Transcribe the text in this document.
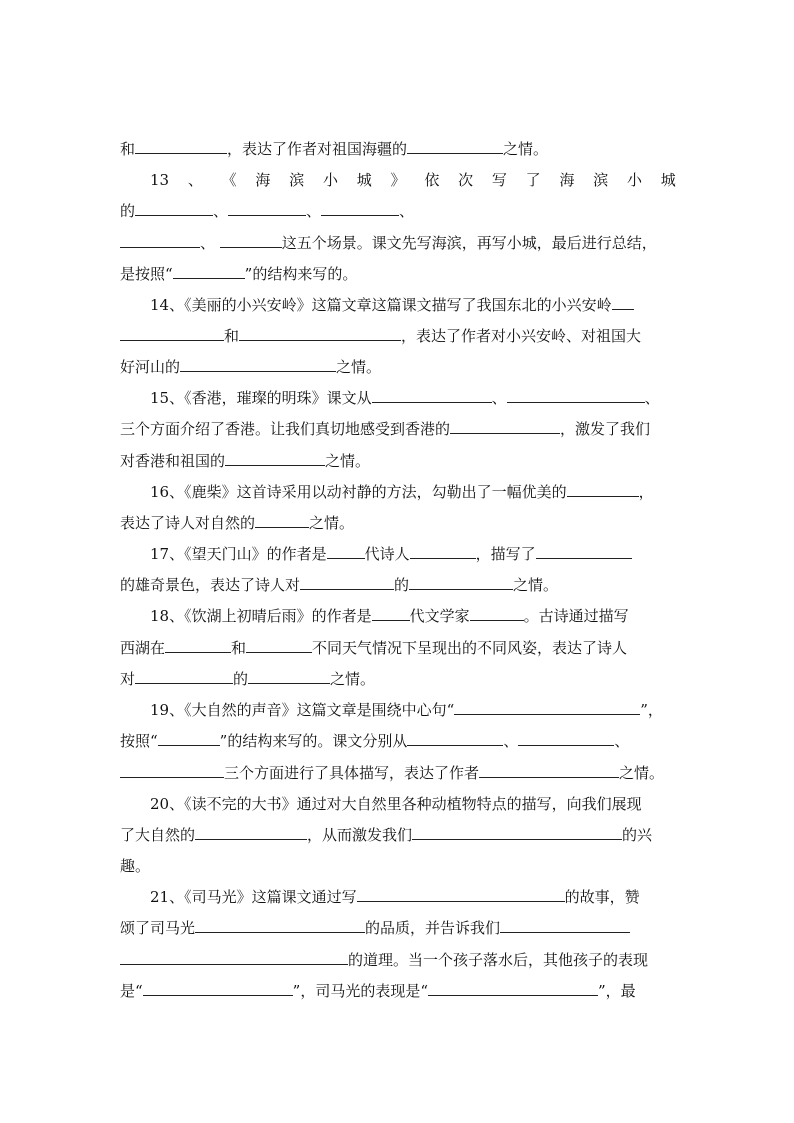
和	，表达了作者对祖国海疆的	之情。
13 、 《 海 滨 小 城 》 依 次 写 了 海 滨 小 城
的	、	、	、
、	这五个场景。课文先写海滨，再写小城，最后进行总结，
是按照“	”的结构来写的。
14、《美丽的小兴安岭》这篇文章这篇课文描写了我国东北的小兴安岭
和	，表达了作者对小兴安岭、对祖国大
好河山的	之情。
15、《香港，璀璨的明珠》课文从	、	、
三个方面介绍了香港。让我们真切地感受到香港的	，激发了我们
对香港和祖国的	之情。
16、《鹿柴》这首诗采用以动衬静的方法，勾勒出了一幅优美的	，
表达了诗人对自然的	之情。
17、《望天门山》的作者是	代诗人	，描写了
的雄奇景色，表达了诗人对	的	之情。
18、《饮湖上初晴后雨》的作者是	代文学家	。古诗通过描写
西湖在	和	不同天气情况下呈现出的不同风姿，表达了诗人
对	的	之情。
19、《大自然的声音》这篇文章是围绕中心句“	”，
按照“	”的结构来写的。课文分别从	、	、
三个方面进行了具体描写，表达了作者	之情。
20、《读不完的大书》通过对大自然里各种动植物特点的描写，向我们展现
了大自然的	，从而激发我们	的兴
趣。
21、《司马光》这篇课文通过写	的故事，赞
颂了司马光	的品质，并告诉我们
的道理。当一个孩子落水后，其他孩子的表现
是“	”，司马光的表现是“	”，最
